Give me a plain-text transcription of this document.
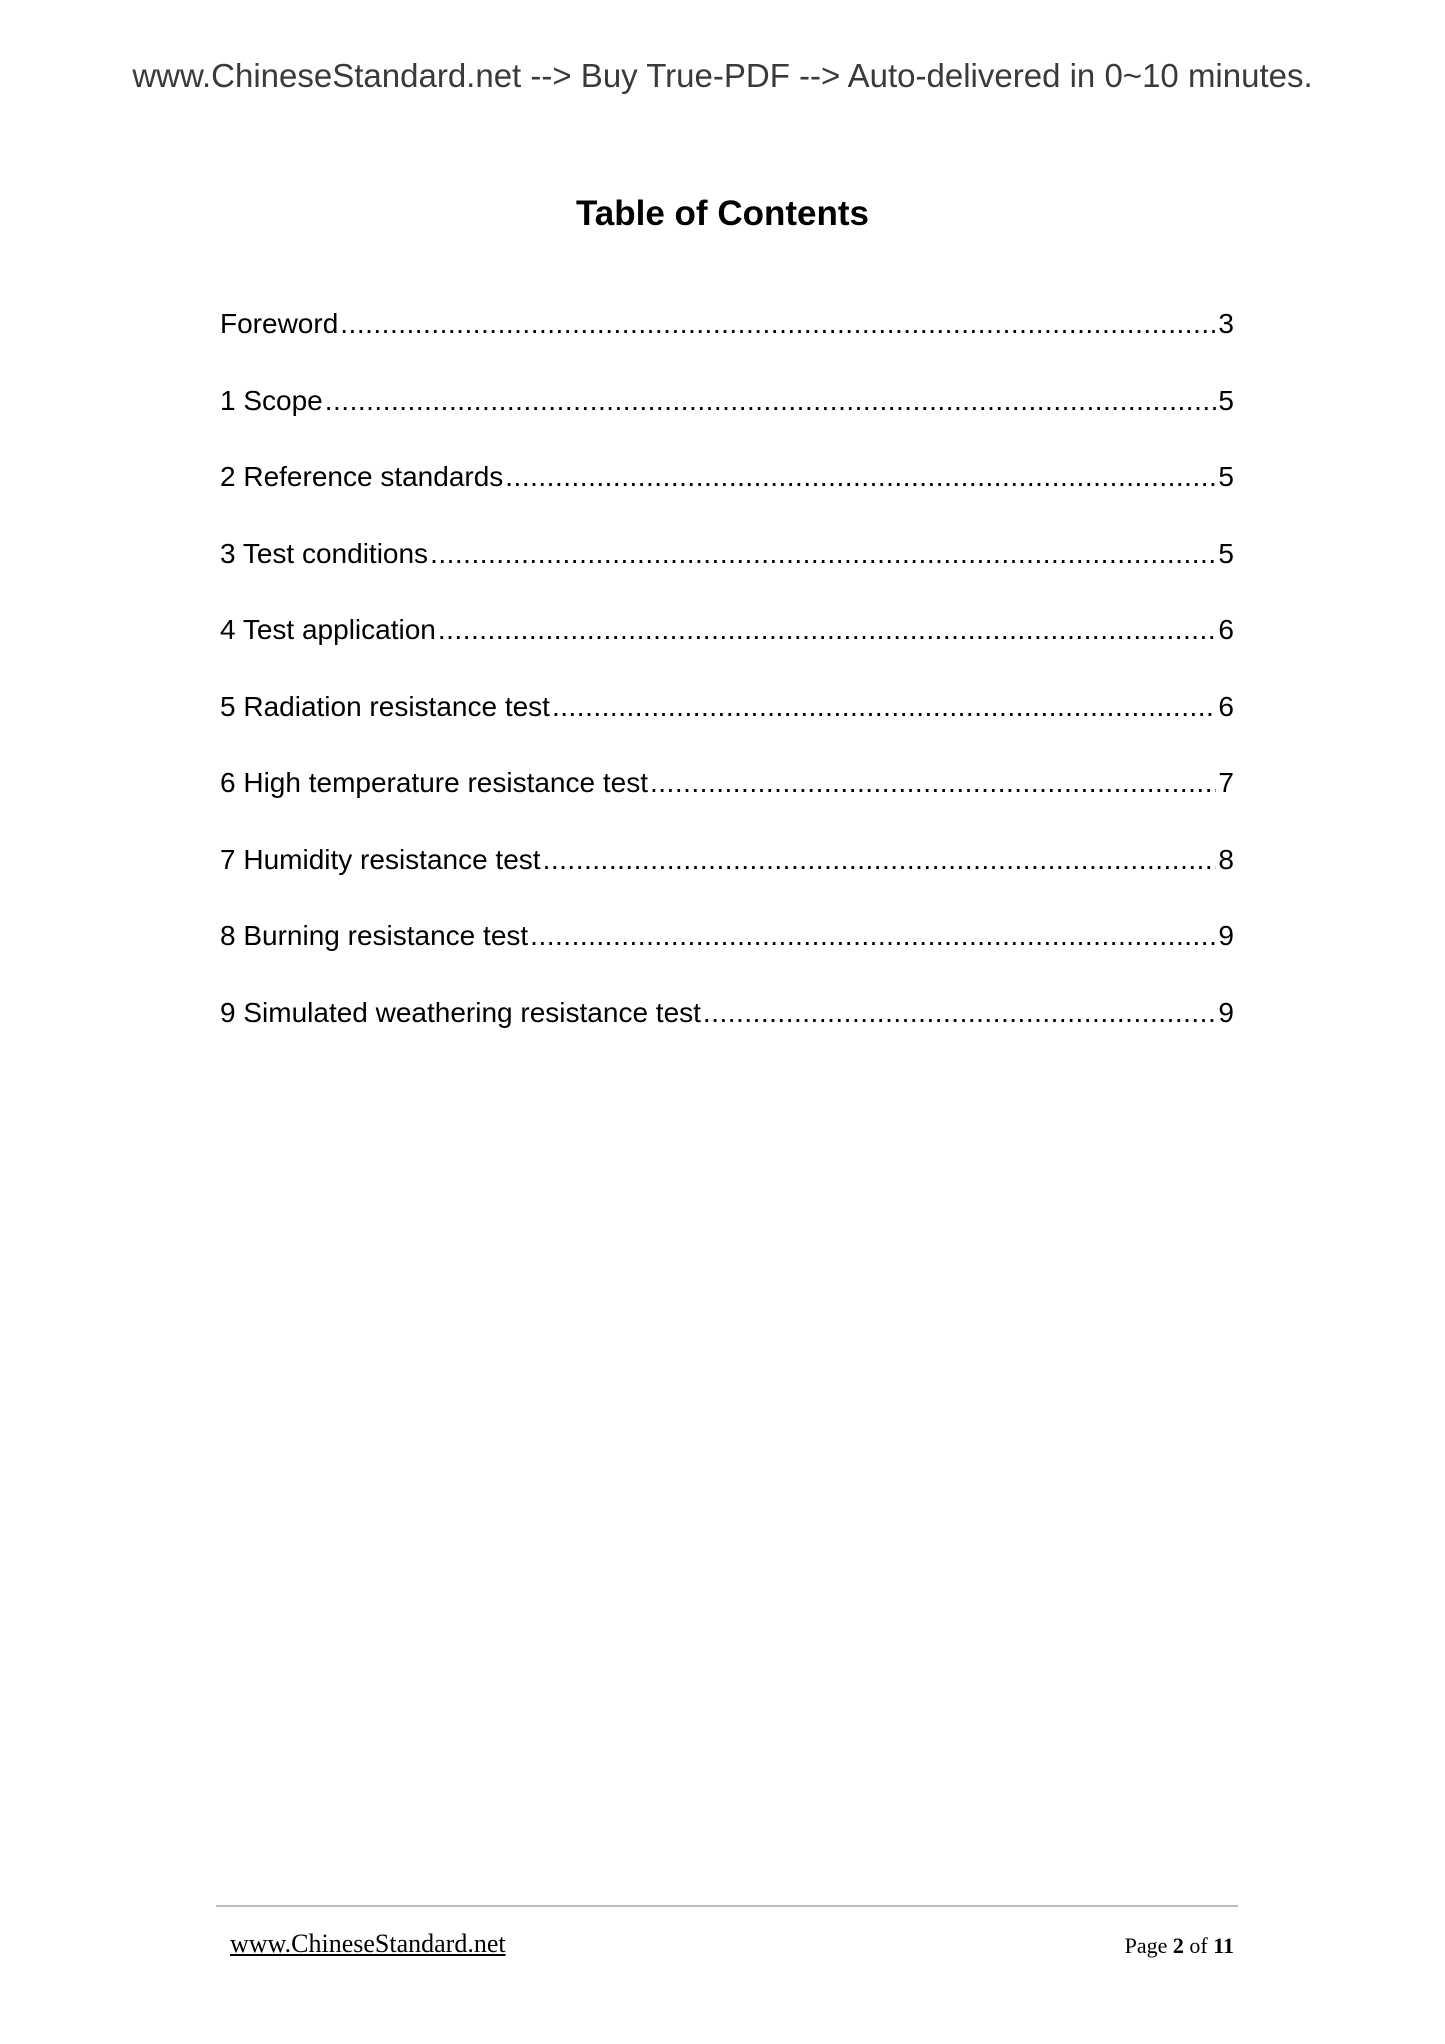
www.ChineseStandard.net --> Buy True-PDF --> Auto-delivered in 0~10 minutes.
Table of Contents
Foreword .....	3
1 Scope .....	5
2 Reference standards .....	5
3 Test conditions .....	5
4 Test application .....	6
5 Radiation resistance test .....	6
6 High temperature resistance test .....	7
7 Humidity resistance test .....	8
8 Burning resistance test .....	9
9 Simulated weathering resistance test .....	9
www.ChineseStandard.net	Page 2 of 11
